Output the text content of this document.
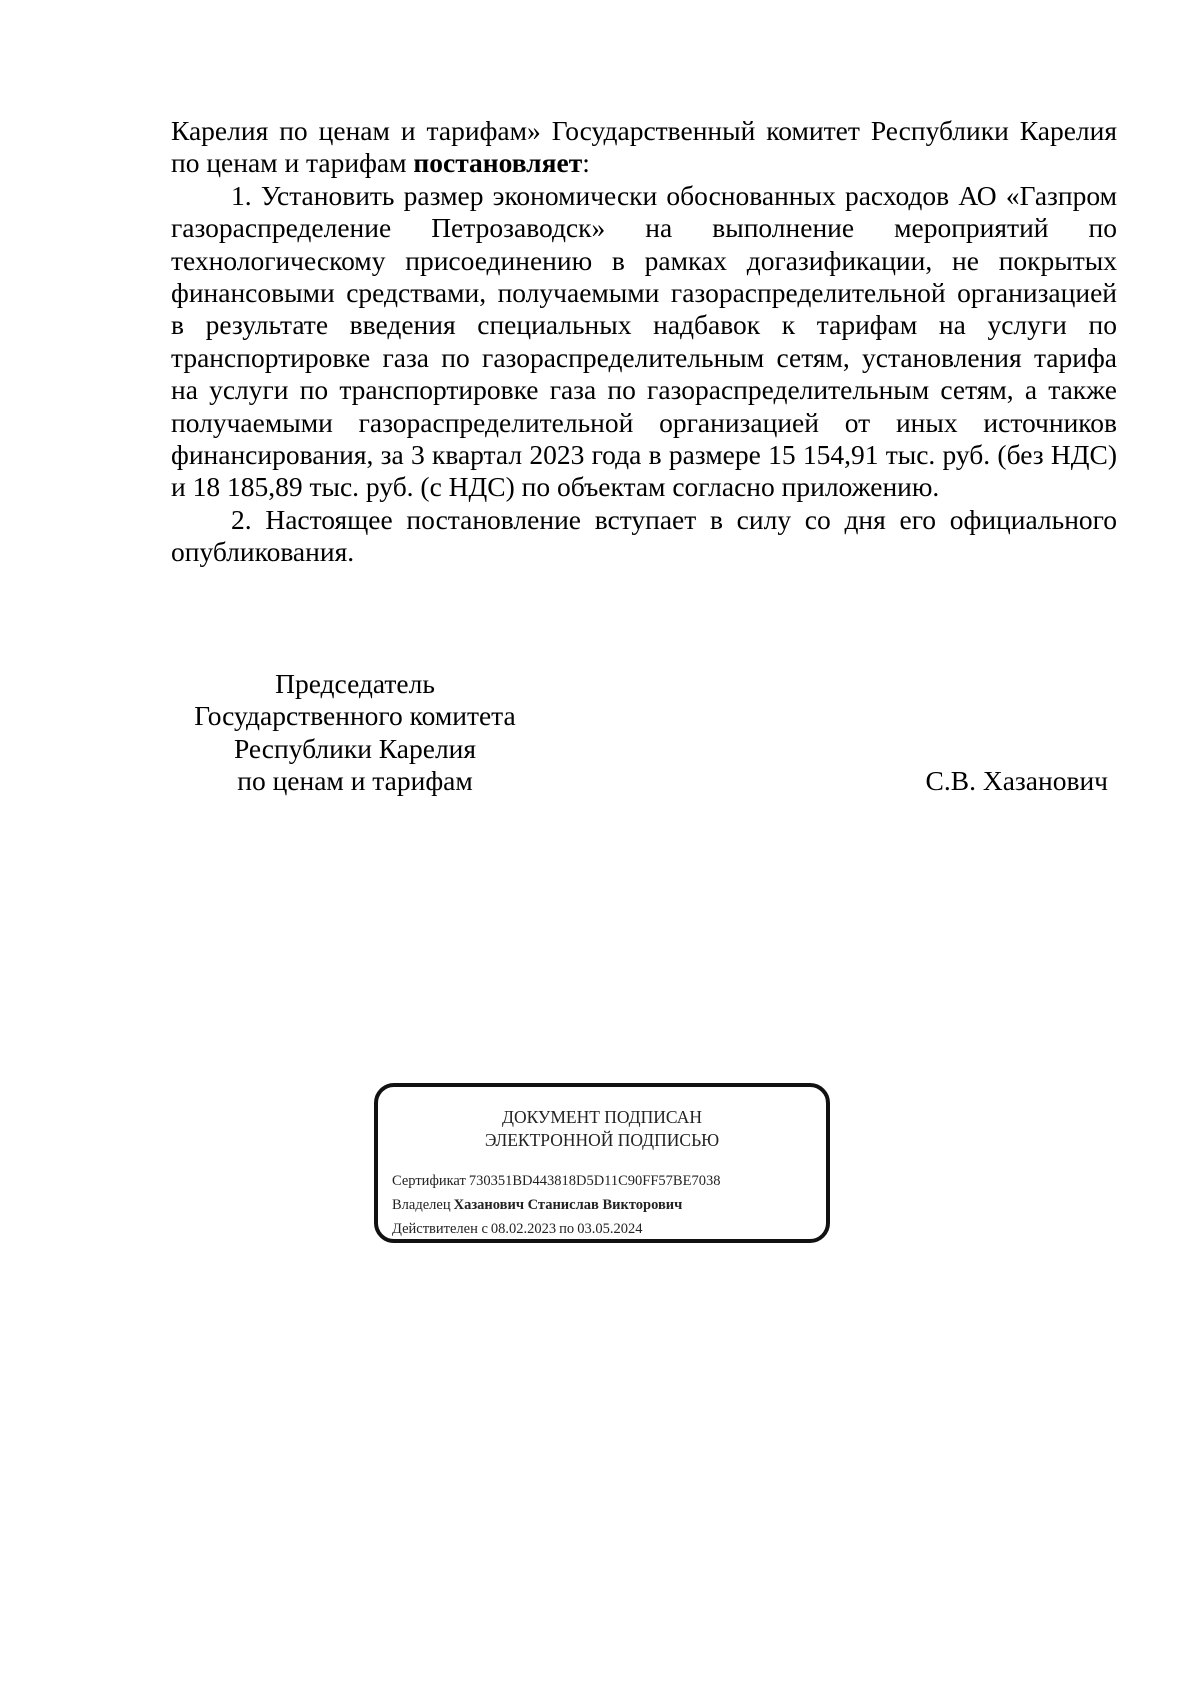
Карелия по ценам и тарифам» Государственный комитет Республики Карелия по ценам и тарифам постановляет:

1. Установить размер экономически обоснованных расходов АО «Газпром газораспределение Петрозаводск» на выполнение мероприятий по технологическому присоединению в рамках догазификации, не покрытых финансовыми средствами, получаемыми газораспределительной организацией в результате введения специальных надбавок к тарифам на услуги по транспортировке газа по газораспределительным сетям, установления тарифа на услуги по транспортировке газа по газораспределительным сетям, а также получаемыми газораспределительной организацией от иных источников финансирования, за 3 квартал 2023 года в размере 15 154,91 тыс. руб. (без НДС) и 18 185,89 тыс. руб. (с НДС) по объектам согласно приложению.

2. Настоящее постановление вступает в силу со дня его официального опубликования.

Председатель
Государственного комитета
Республики Карелия
по ценам и тарифам	С.В. Хазанович
ДОКУМЕНТ ПОДПИСАН
ЭЛЕКТРОННОЙ ПОДПИСЬЮ
Сертификат 730351BD443818D5D11C90FF57BE7038
Владелец Хазанович Станислав Викторович
Действителен с 08.02.2023 по 03.05.2024
